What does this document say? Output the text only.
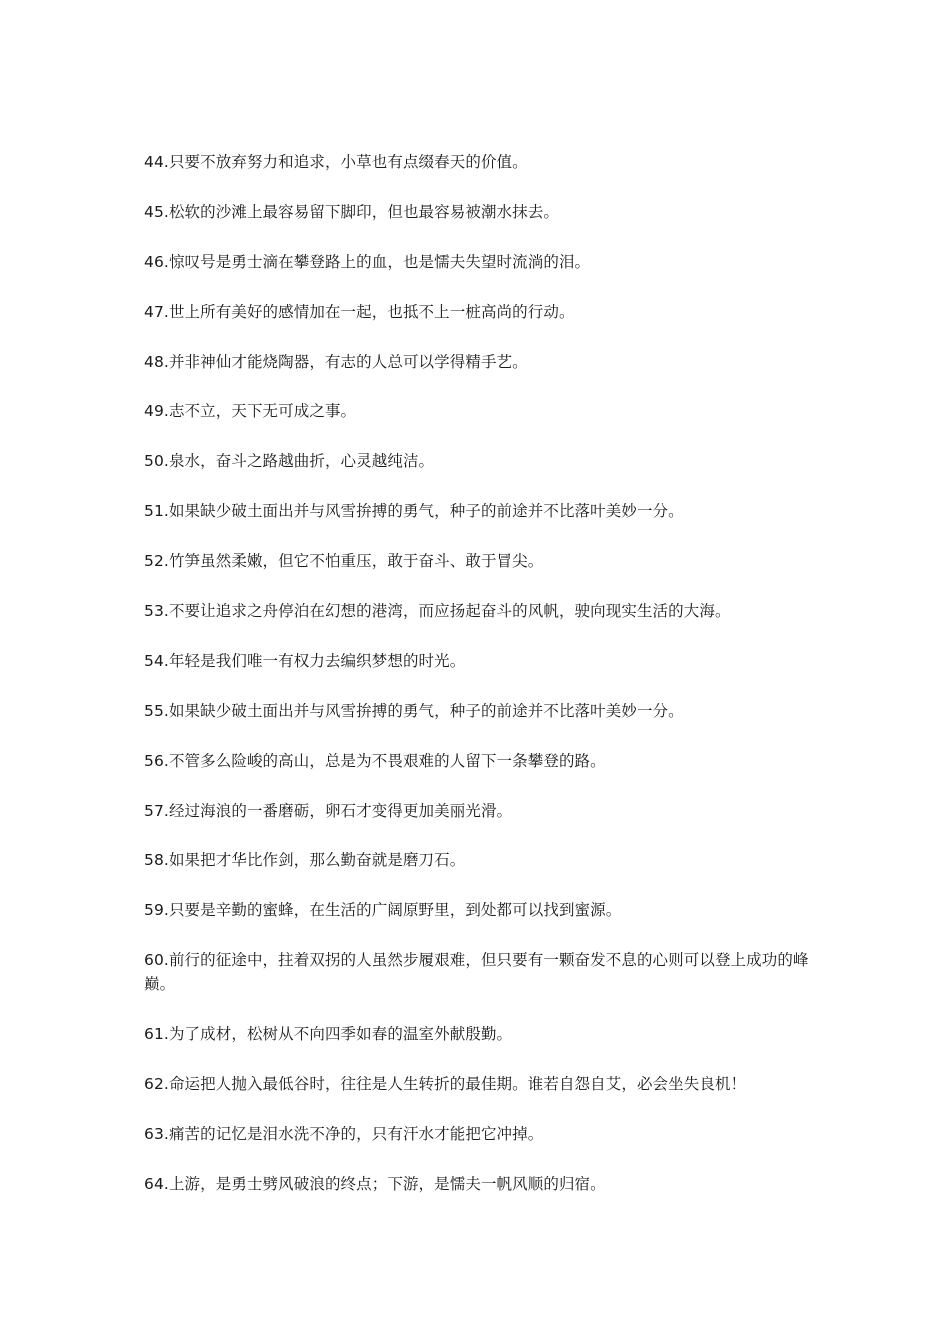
44.只要不放弃努力和追求，小草也有点缀春天的价值。
45.松软的沙滩上最容易留下脚印，但也最容易被潮水抹去。
46.惊叹号是勇士滴在攀登路上的血，也是懦夫失望时流淌的泪。
47.世上所有美好的感情加在一起，也抵不上一桩高尚的行动。
48.并非神仙才能烧陶器，有志的人总可以学得精手艺。
49.志不立，天下无可成之事。
50.泉水，奋斗之路越曲折，心灵越纯洁。
51.如果缺少破土面出并与风雪拚搏的勇气，种子的前途并不比落叶美妙一分。
52.竹笋虽然柔嫩，但它不怕重压，敢于奋斗、敢于冒尖。
53.不要让追求之舟停泊在幻想的港湾，而应扬起奋斗的风帆，驶向现实生活的大海。
54.年轻是我们唯一有权力去编织梦想的时光。
55.如果缺少破土面出并与风雪拚搏的勇气，种子的前途并不比落叶美妙一分。
56.不管多么险峻的高山，总是为不畏艰难的人留下一条攀登的路。
57.经过海浪的一番磨砺，卵石才变得更加美丽光滑。
58.如果把才华比作剑，那么勤奋就是磨刀石。
59.只要是辛勤的蜜蜂，在生活的广阔原野里，到处都可以找到蜜源。
60.前行的征途中，拄着双拐的人虽然步履艰难，但只要有一颗奋发不息的心则可以登上成功的峰巅。
61.为了成材，松树从不向四季如春的温室外献殷勤。
62.命运把人抛入最低谷时，往往是人生转折的最佳期。谁若自怨自艾，必会坐失良机！
63.痛苦的记忆是泪水洗不净的，只有汗水才能把它冲掉。
64.上游，是勇士劈风破浪的终点；下游，是懦夫一帆风顺的归宿。
